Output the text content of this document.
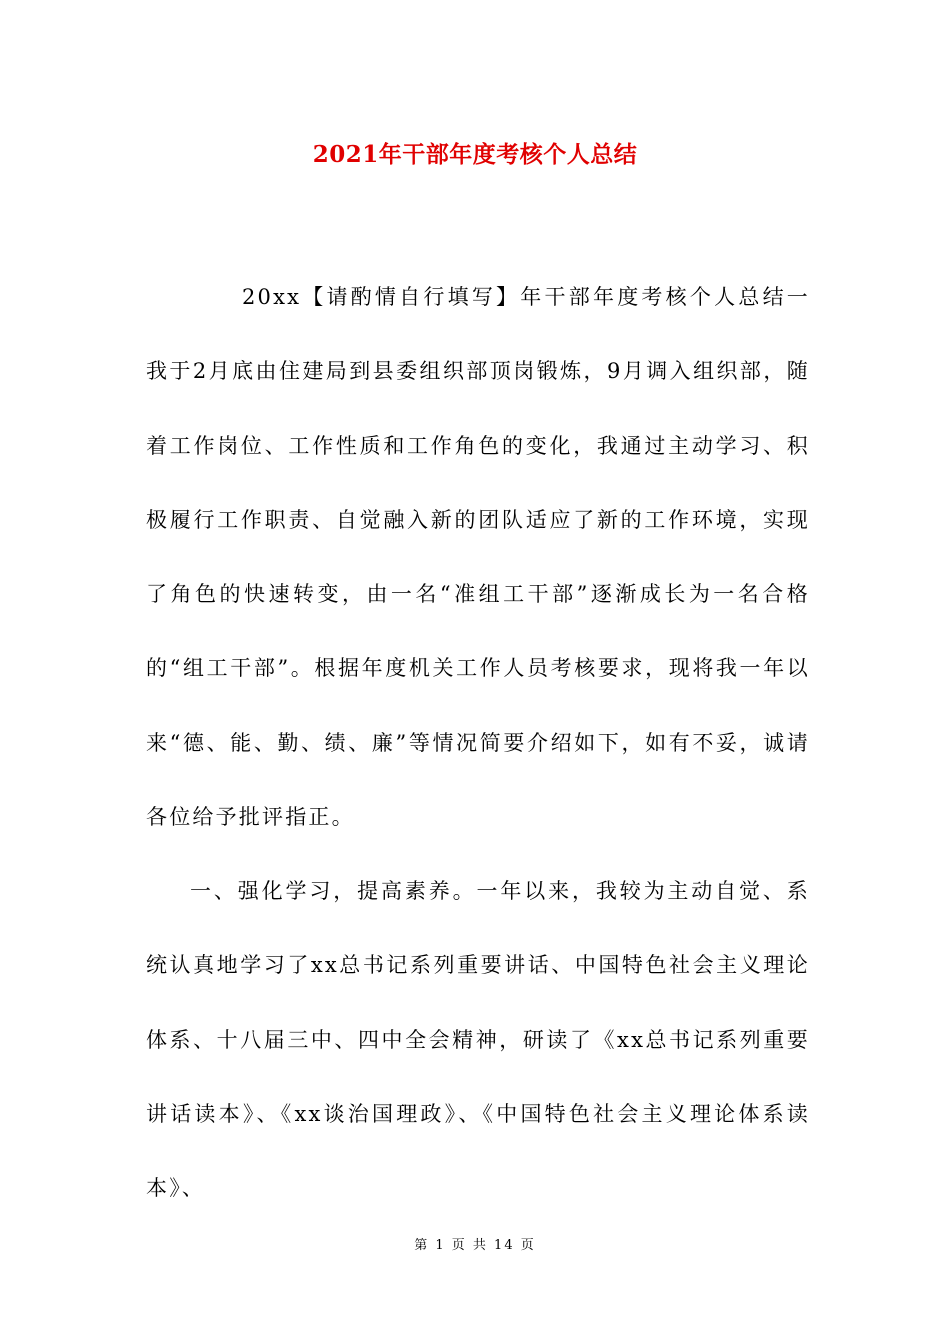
2021年干部年度考核个人总结

20xx【请酌情自行填写】年干部年度考核个人总结一我于2月底由住建局到县委组织部顶岗锻炼，9月调入组织部，随着工作岗位、工作性质和工作角色的变化，我通过主动学习、积极履行工作职责、自觉融入新的团队适应了新的工作环境，实现了角色的快速转变，由一名“准组工干部”逐渐成长为一名合格的“组工干部”。根据年度机关工作人员考核要求，现将我一年以来“德、能、勤、绩、廉”等情况简要介绍如下，如有不妥，诚请各位给予批评指正。

一、强化学习，提高素养。一年以来，我较为主动自觉、系统认真地学习了xx总书记系列重要讲话、中国特色社会主义理论体系、十八届三中、四中全会精神，研读了《xx总书记系列重要讲话读本》、《xx谈治国理政》、《中国特色社会主义理论体系读本》、

第 1 页 共 14 页
